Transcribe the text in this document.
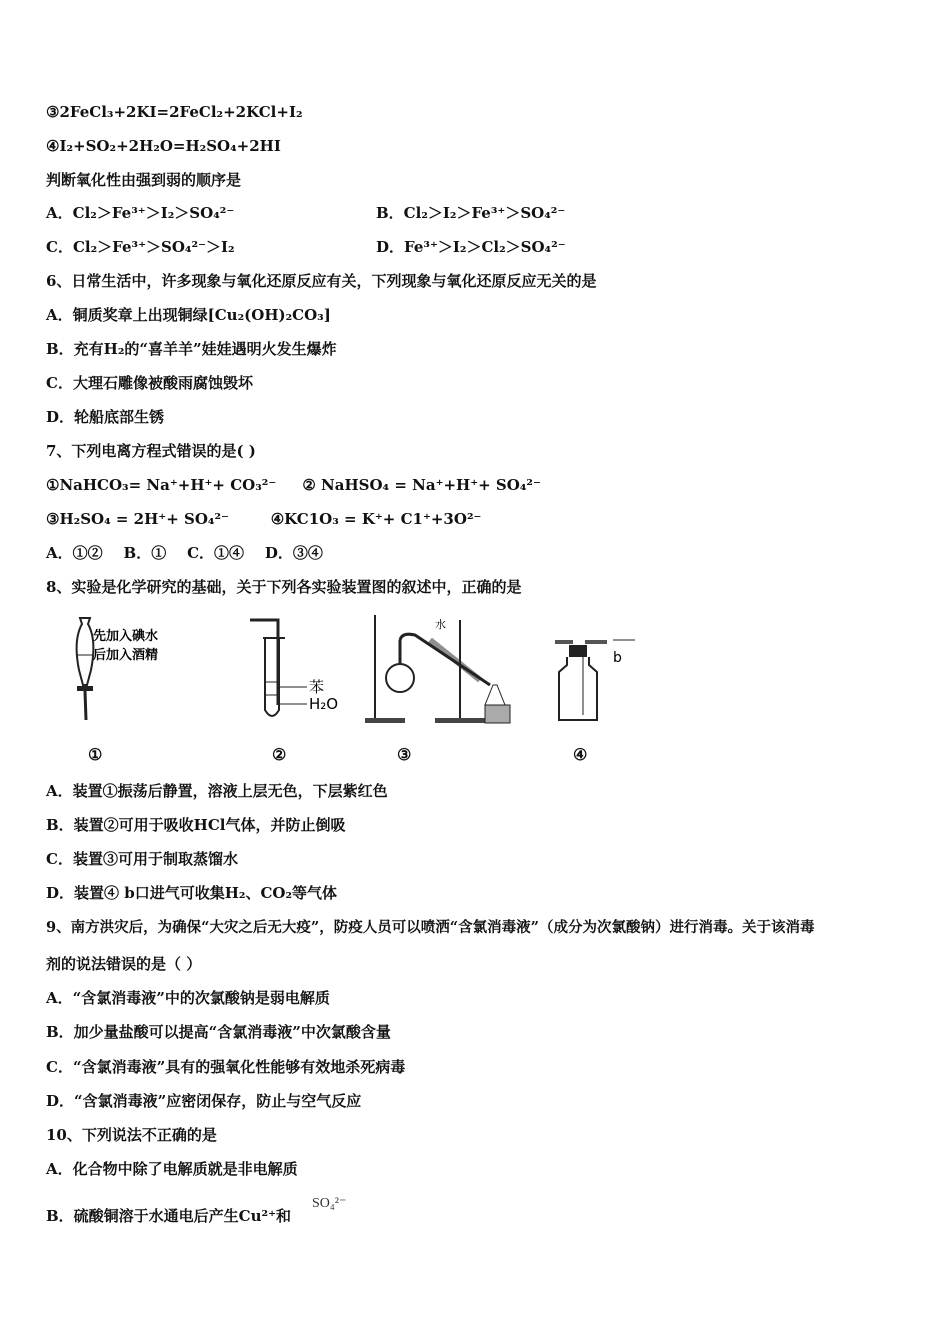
③2FeCl₃+2KI=2FeCl₂+2KCl+I₂
④I₂+SO₂+2H₂O=H₂SO₄+2HI
判断氧化性由强到弱的顺序是
A．Cl₂＞Fe³⁺＞I₂＞SO₄²⁻	B．Cl₂＞I₂＞Fe³⁺＞SO₄²⁻
C．Cl₂＞Fe³⁺＞SO₄²⁻＞I₂	D．Fe³⁺＞I₂＞Cl₂＞SO₄²⁻
6、日常生活中，许多现象与氧化还原反应有关，下列现象与氧化还原反应无关的是
A．铜质奖章上出现铜绿[Cu₂(OH)₂CO₃]
B．充有H₂的“喜羊羊”娃娃遇明火发生爆炸
C．大理石雕像被酸雨腐蚀毁坏
D．轮船底部生锈
7、下列电离方程式错误的是( )
①NaHCO₃= Na⁺+H⁺+ CO₃²⁻     ② NaHSO₄ = Na⁺+H⁺+ SO₄²⁻
③H₂SO₄ = 2H⁺+ SO₄²⁻        ④KC1O₃ = K⁺+ C1⁺+3O²⁻
A．①②    B．①    C．①④    D．③④
8、实验是化学研究的基础，关于下列各实验装置图的叙述中，正确的是
先加入碘水
后加入酒精
苯
H₂O
水
b
①	②	③	④
A．装置①振荡后静置，溶液上层无色，下层紫红色
B．装置②可用于吸收HCl气体，并防止倒吸
C．装置③可用于制取蒸馏水
D．装置④ b口进气可收集H₂、CO₂等气体
9、南方洪灾后，为确保“大灾之后无大疫”，防疫人员可以喷洒“含氯消毒液”（成分为次氯酸钠）进行消毒。关于该消毒
剂的说法错误的是（ ）
A．“含氯消毒液”中的次氯酸钠是弱电解质
B．加少量盐酸可以提高“含氯消毒液”中次氯酸含量
C．“含氯消毒液”具有的强氧化性能够有效地杀死病毒
D．“含氯消毒液”应密闭保存，防止与空气反应
10、下列说法不正确的是
A．化合物中除了电解质就是非电解质
B．硫酸铜溶于水通电后产生Cu²⁺和
SO₄²⁻
